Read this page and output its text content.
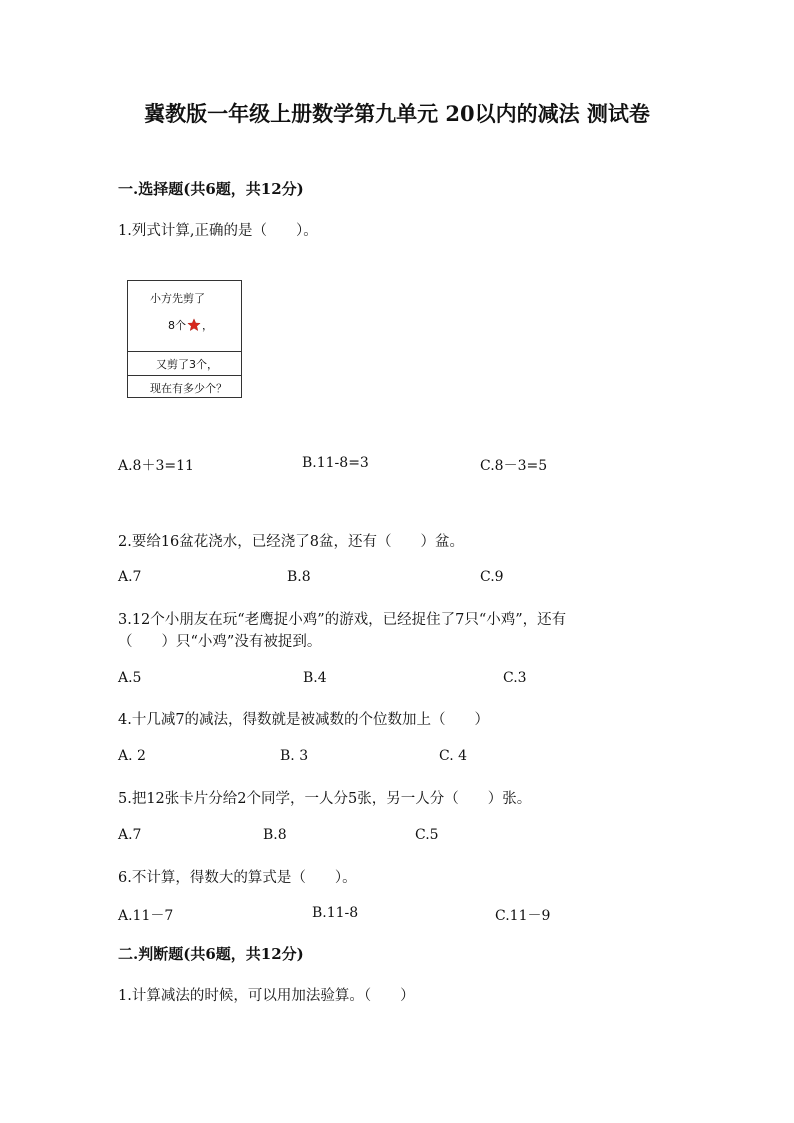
冀教版一年级上册数学第九单元 20以内的减法 测试卷
一.选择题(共6题，共12分)
1.列式计算,正确的是（　　）。
小方先剪了
8个 ，
又剪了3个，
现在有多少个？
A.8＋3=11	B.11-8=3	C.8－3=5
2.要给16盆花浇水，已经浇了8盆，还有（　　）盆。
A.7	B.8	C.9
3.12个小朋友在玩“老鹰捉小鸡”的游戏，已经捉住了7只“小鸡”，还有
（　　）只“小鸡”没有被捉到。
A.5	B.4	C.3
4.十几减7的减法，得数就是被减数的个位数加上（　　）
A. 2	B. 3	C. 4
5.把12张卡片分给2个同学，一人分5张，另一人分（　　）张。
A.7	B.8	C.5
6.不计算，得数大的算式是（　　）。
A.11－7	B.11-8	C.11－9
二.判断题(共6题，共12分)
1.计算减法的时候，可以用加法验算。（　　）
